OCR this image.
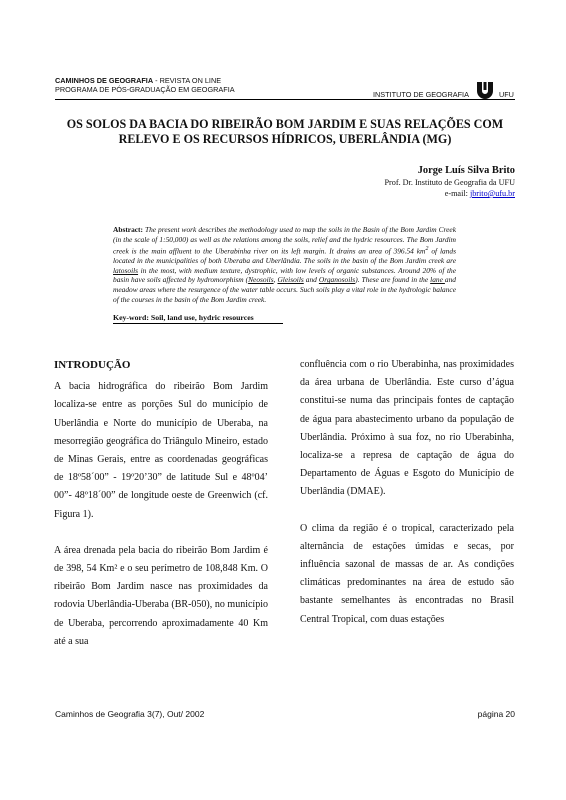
CAMINHOS DE GEOGRAFIA - REVISTA ON LINE
PROGRAMA DE PÓS-GRADUAÇÃO EM GEOGRAFIA
INSTITUTO DE GEOGRAFIA	UFU
OS SOLOS DA BACIA DO RIBEIRÃO BOM JARDIM E SUAS RELAÇÕES COM
RELEVO E OS RECURSOS HÍDRICOS, UBERLÂNDIA (MG)
Jorge Luís Silva Brito
Prof. Dr. Instituto de Geografia da UFU
e-mail: jbrito@ufu.br
Abstract: The present work describes the methodology used to map the soils in the Basin of the Bom Jardim Creek (in the scale of 1:50,000) as well as the relations among the soils, relief and the hydric resources. The Bom Jardim creek is the main affluent to the Uberabinha river on its left margin. It drains an area of 396.54 $km^2$ of lands located in the municipalities of both Uberaba and Uberlândia. The soils in the basin of the Bom Jardim creek are latosoils in the most, with medium texture, dystrophic, with low levels of organic substances. Around 20% of the basin have soils affected by hydromorphism (Neosoils, Gleisoils and Organosoils). These are found in the lane and meadow areas where the resurgence of the water table occurs. Such soils play a vital role in the hydrologic balance of the courses in the basin of the Bom Jardim creek.
Key-word: Soil, land use, hydric resources
INTRODUÇÃO

A bacia hidrográfica do ribeirão Bom Jardim localiza-se entre as porções Sul do município de Uberlândia e Norte do município de Uberaba, na mesorregião geográfica do Triângulo Mineiro, estado de Minas Gerais, entre as coordenadas geográficas de 18º58´00” - 19º20’30” de latitude Sul e 48º04’ 00”- 48º18´00” de longitude oeste de Greenwich (cf. Figura 1).

A área drenada pela bacia do ribeirão Bom Jardim é de 398, 54 Km² e o seu perímetro de 108,848 Km. O ribeirão Bom Jardim nasce nas proximidades da rodovia Uberlândia-Uberaba (BR-050), no município de Uberaba, percorrendo aproximadamente 40 Km até a sua

confluência com o rio Uberabinha, nas proximidades da área urbana de Uberlândia. Este curso d’água constitui-se numa das principais fontes de captação de água para abastecimento urbano da população de Uberlândia. Próximo à sua foz, no rio Uberabinha, localiza-se a represa de captação de água do Departamento de Águas e Esgoto do Município de Uberlândia (DMAE).

O clima da região é o tropical, caracterizado pela alternância de estações úmidas e secas, por influência sazonal de massas de ar. As condições climáticas predominantes na área de estudo são bastante semelhantes às encontradas no Brasil Central Tropical, com duas estações

Caminhos de Geografia 3(7), Out/ 2002	página 20
